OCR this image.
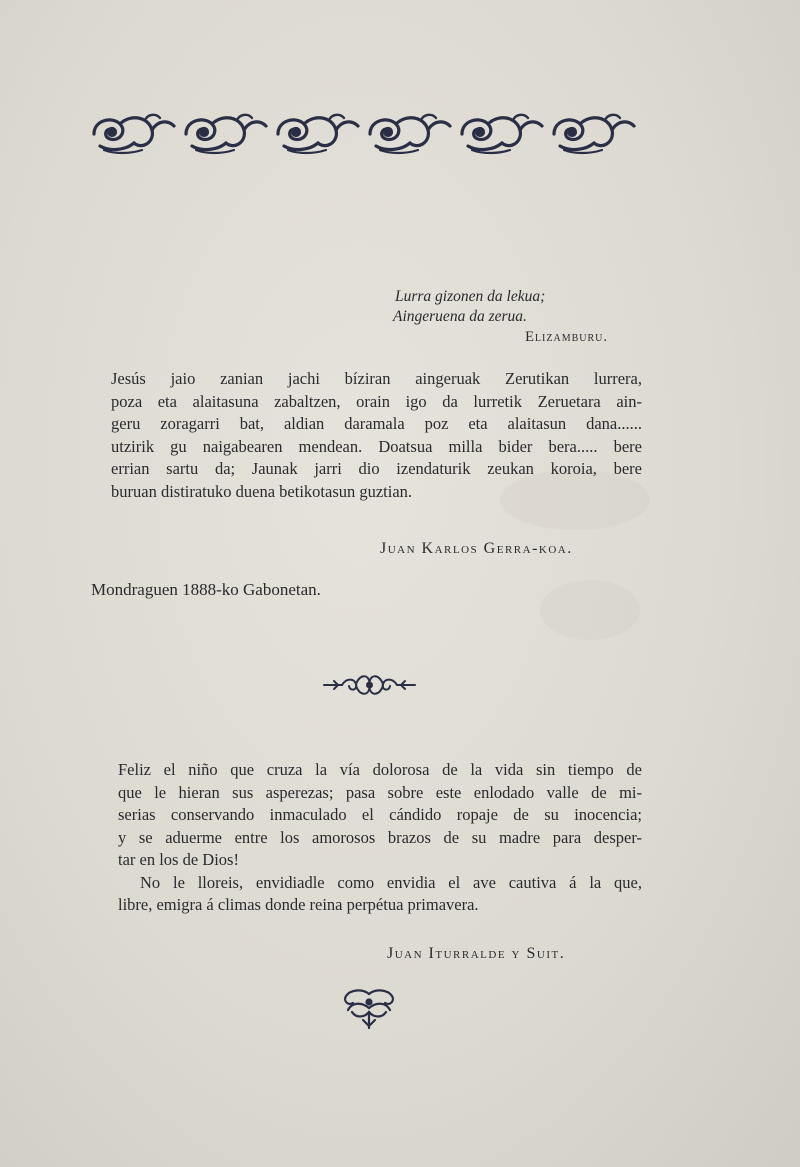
Lurra gizonen da lekua;
Aingeruena da zerua.
Elizamburu.

Jesús jaio zanian jachi bíziran aingeruak Zerutikan lurrera,
poza eta alaitasuna zabaltzen, orain igo da lurretik Zeruetara ain-
geru zoragarri bat, aldian daramala poz eta alaitasun dana......
utzirik gu naigabearen mendean. Doatsua milla bider bera..... bere
errian sartu da; Jaunak jarri dio izendaturik zeukan koroia, bere
buruan distiratuko duena betikotasun guztian.

Juan Karlos Gerra-koa.
Mondraguen 1888-ko Gabonetan.

Feliz el niño que cruza la vía dolorosa de la vida sin tiempo de
que le hieran sus asperezas; pasa sobre este enlodado valle de mi-
serias conservando inmaculado el cándido ropaje de su inocencia;
y se aduerme entre los amorosos brazos de su madre para desper-
tar en los de Dios!
No le lloreis, envidiadle como envidia el ave cautiva á la que,
libre, emigra á climas donde reina perpétua primavera.

Juan Iturralde y Suit.
